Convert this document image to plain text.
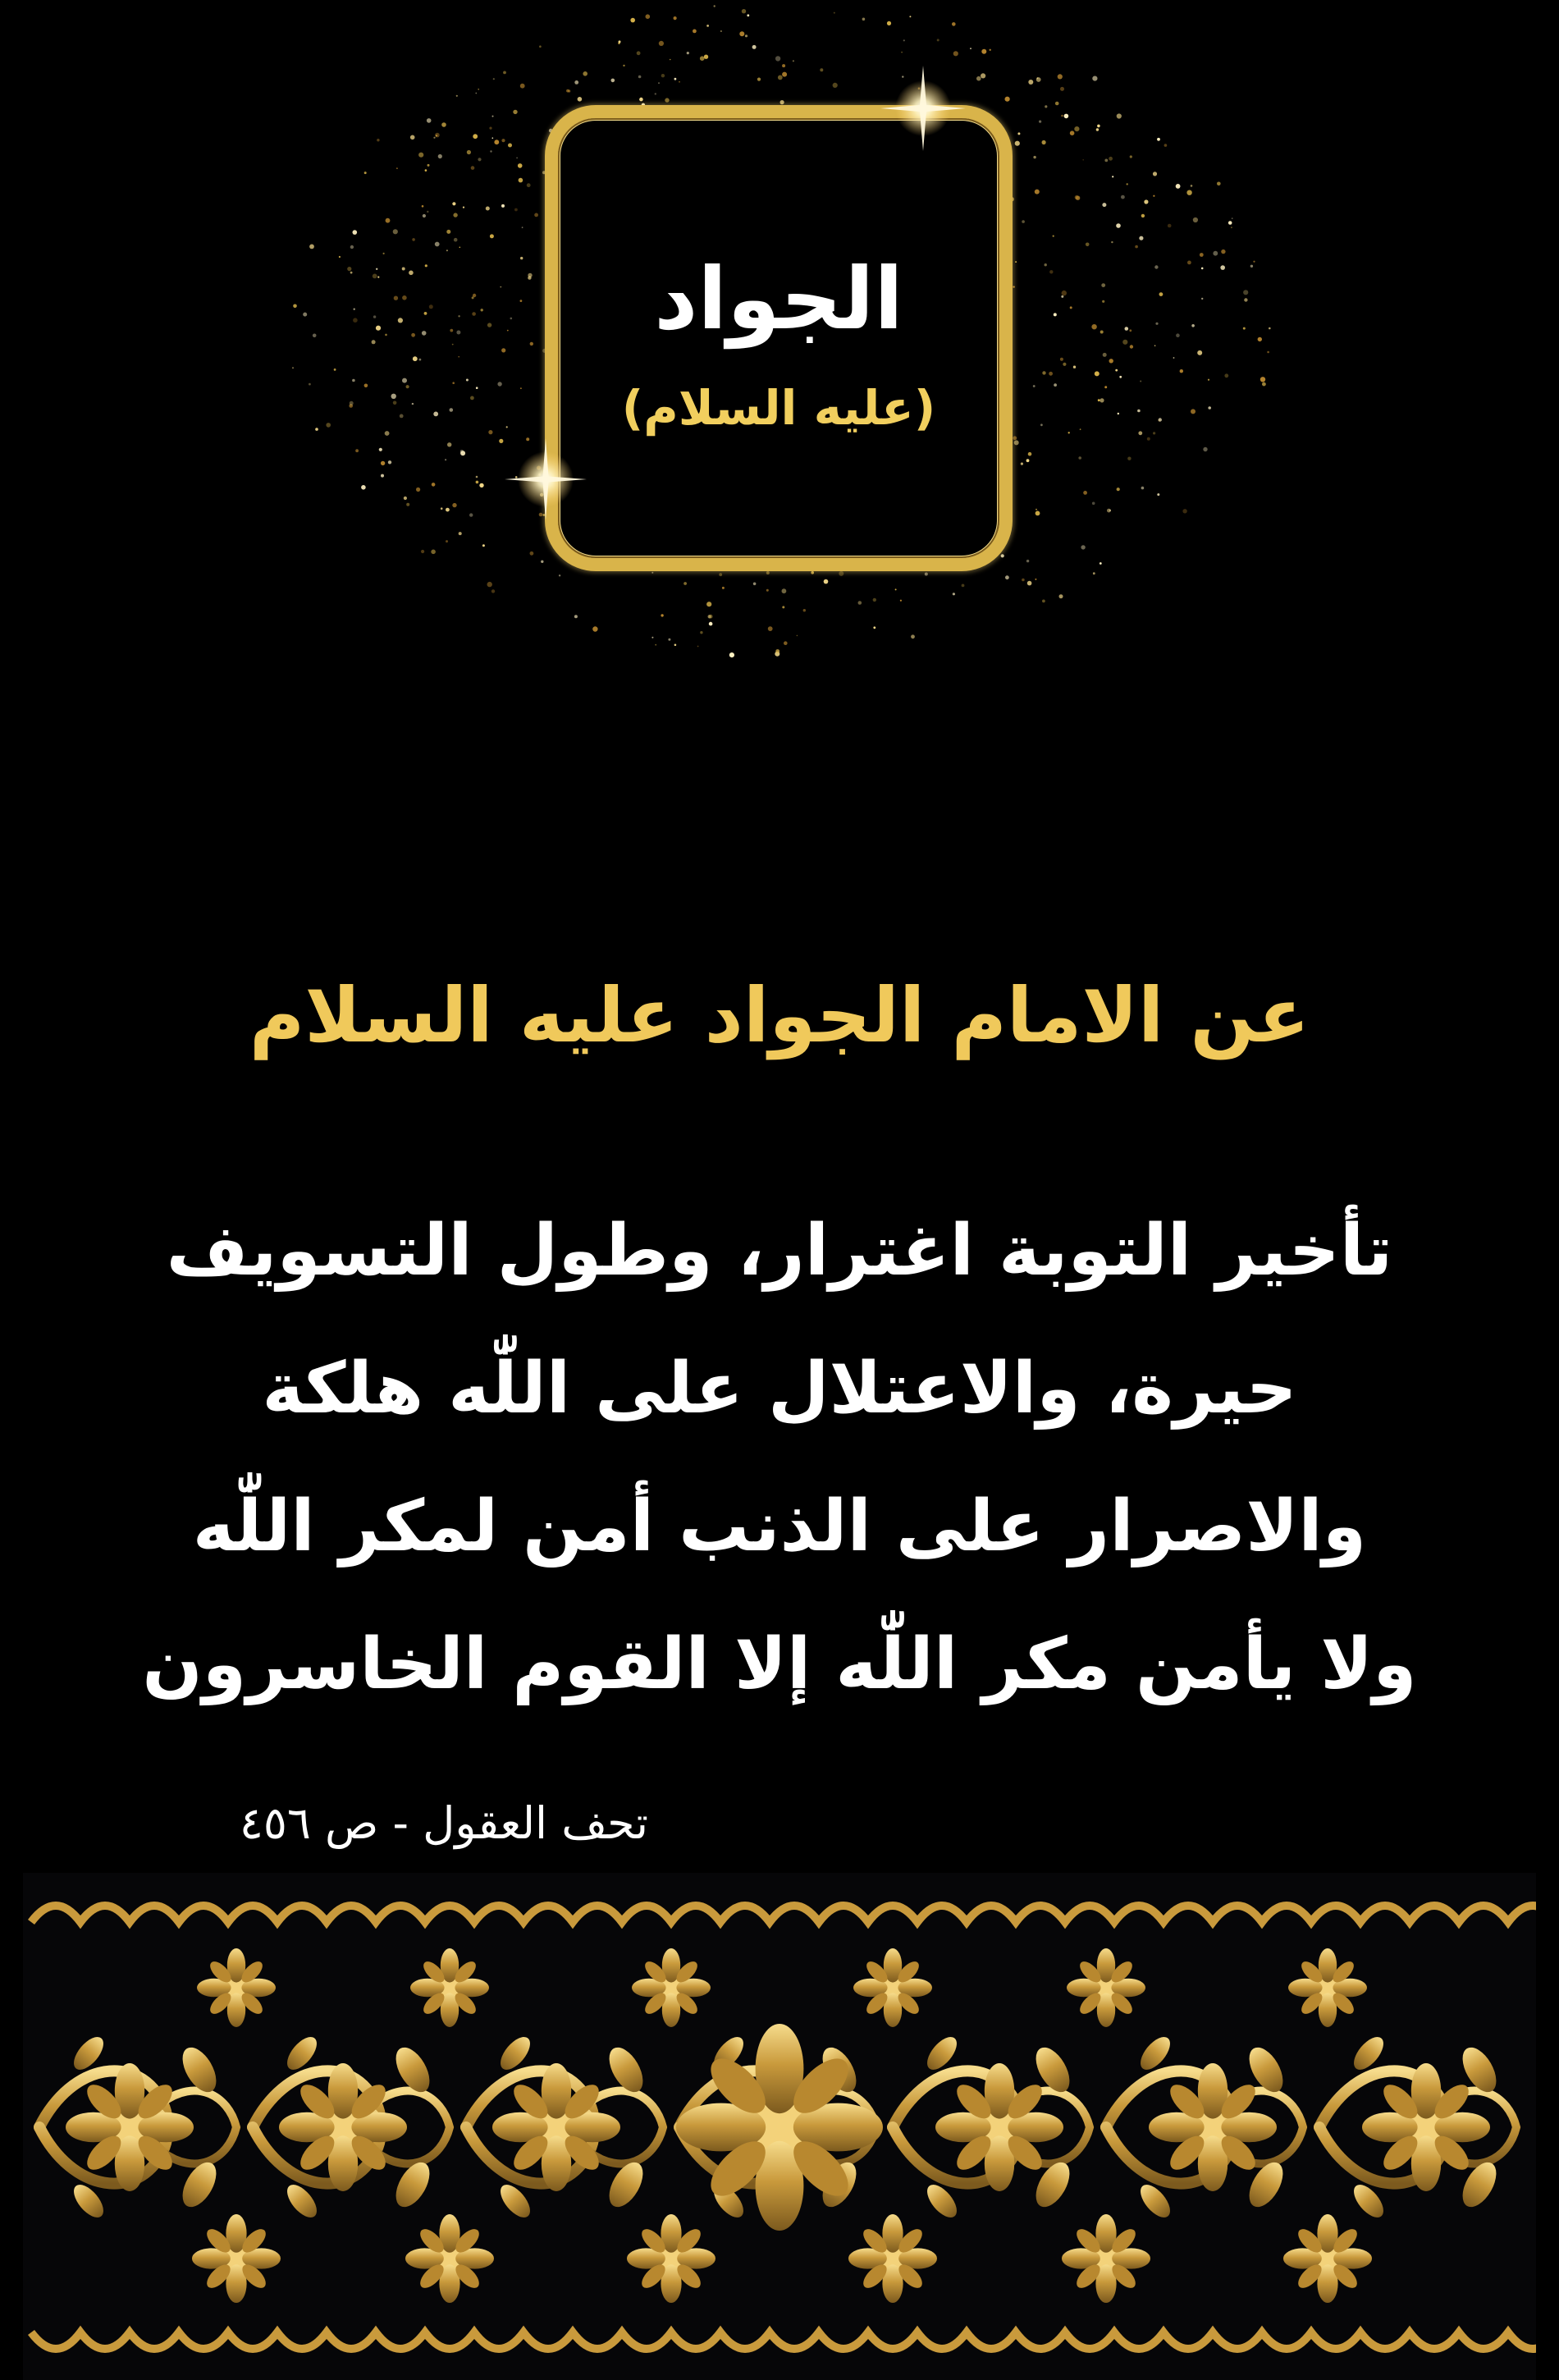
الجواد
(عليه السلام)
عن الامام الجواد عليه السلام
تأخير التوبة اغترار، وطول التسويف
حيرة، والاعتلال على اللّٰه هلكة
والاصرار على الذنب أمن لمكر اللّٰه
ولا يأمن مكر اللّٰه إلا القوم الخاسرون
تحف العقول - ص ٤٥٦
